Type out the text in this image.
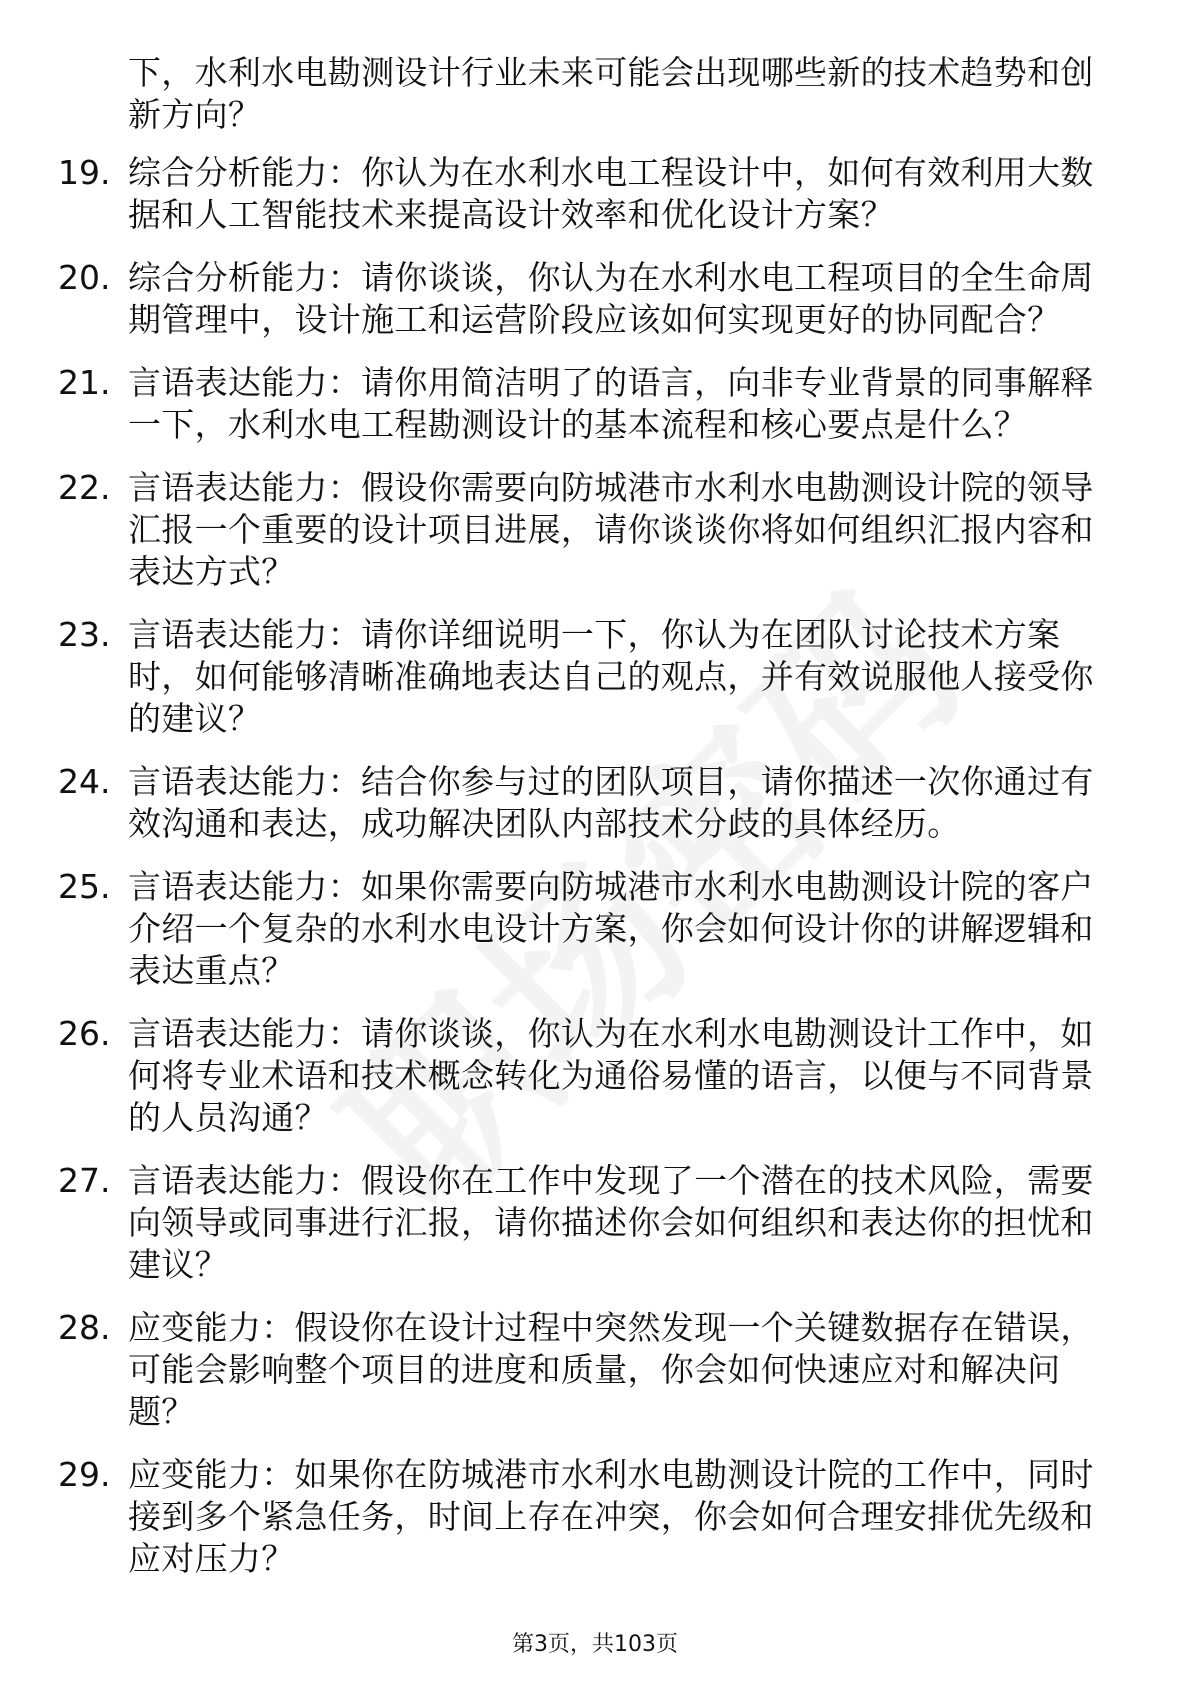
下，水利水电勘测设计行业未来可能会出现哪些新的技术趋势和创新方向？
19. 综合分析能力：你认为在水利水电工程设计中，如何有效利用大数据和人工智能技术来提高设计效率和优化设计方案？
20. 综合分析能力：请你谈谈，你认为在水利水电工程项目的全生命周期管理中，设计施工和运营阶段应该如何实现更好的协同配合？
21. 言语表达能力：请你用简洁明了的语言，向非专业背景的同事解释一下，水利水电工程勘测设计的基本流程和核心要点是什么？
22. 言语表达能力：假设你需要向防城港市水利水电勘测设计院的领导汇报一个重要的设计项目进展，请你谈谈你将如何组织汇报内容和表达方式？
23. 言语表达能力：请你详细说明一下，你认为在团队讨论技术方案时，如何能够清晰准确地表达自己的观点，并有效说服他人接受你的建议？
24. 言语表达能力：结合你参与过的团队项目，请你描述一次你通过有效沟通和表达，成功解决团队内部技术分歧的具体经历。
25. 言语表达能力：如果你需要向防城港市水利水电勘测设计院的客户介绍一个复杂的水利水电设计方案，你会如何设计你的讲解逻辑和表达重点？
26. 言语表达能力：请你谈谈，你认为在水利水电勘测设计工作中，如何将专业术语和技术概念转化为通俗易懂的语言，以便与不同背景的人员沟通？
27. 言语表达能力：假设你在工作中发现了一个潜在的技术风险，需要向领导或同事进行汇报，请你描述你会如何组织和表达你的担忧和建议？
28. 应变能力：假设你在设计过程中突然发现一个关键数据存在错误，可能会影响整个项目的进度和质量，你会如何快速应对和解决问题？
29. 应变能力：如果你在防城港市水利水电勘测设计院的工作中，同时接到多个紧急任务，时间上存在冲突，你会如何合理安排优先级和应对压力？
第3页，共103页
